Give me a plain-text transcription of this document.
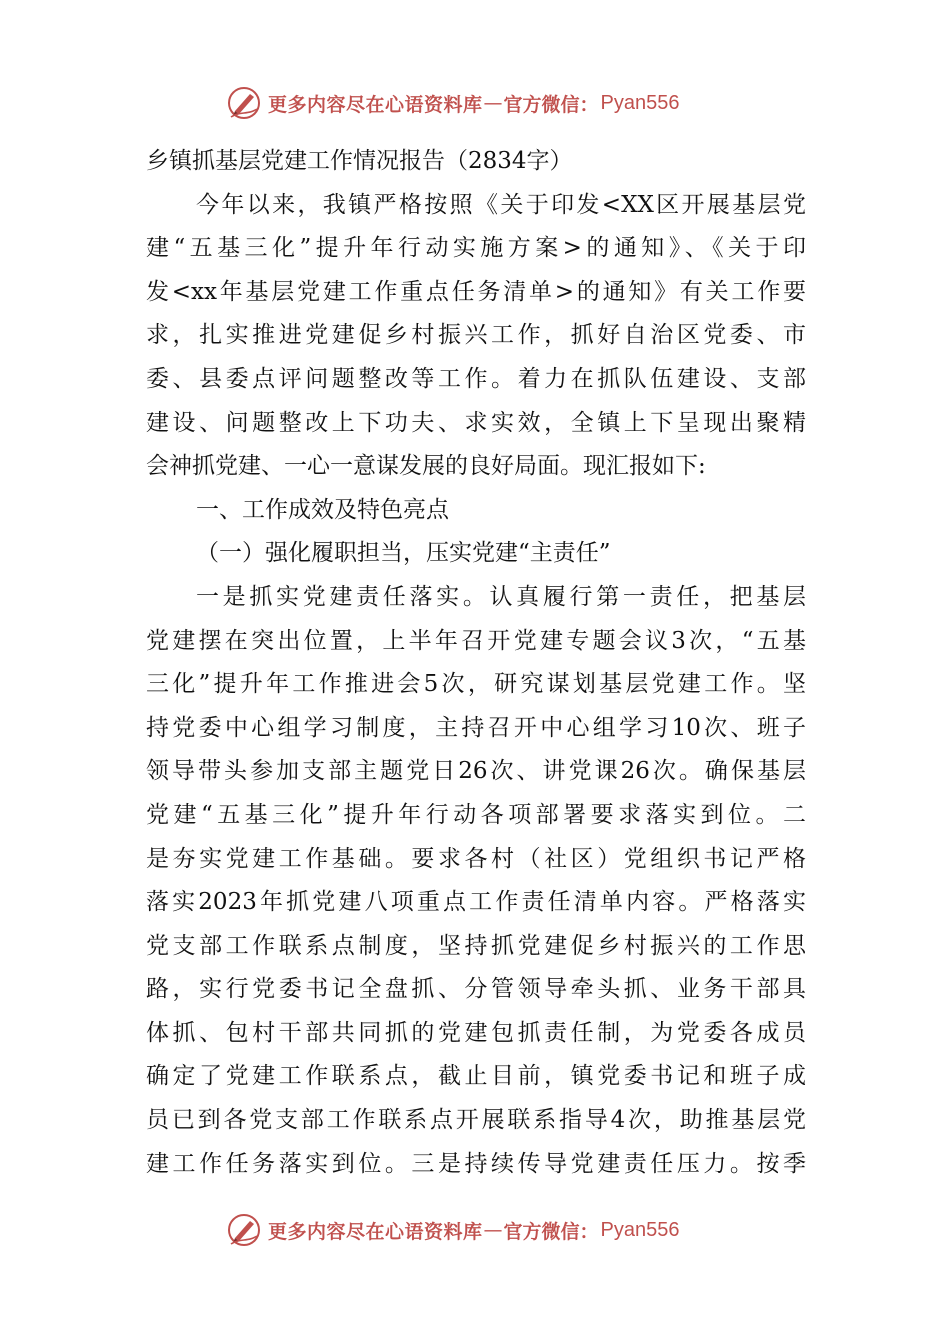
更多内容尽在心语资料库 — 官方微信： Pyan556
乡镇抓基层党建工作情况报告（2834字）
今年以来，我镇严格按照《关于印发<XX区开展基层党
建“五基三化”提升年行动实施方案>的通知》、《关于印
发<xx年基层党建工作重点任务清单>的通知》有关工作要
求，扎实推进党建促乡村振兴工作，抓好自治区党委、市
委、县委点评问题整改等工作。着力在抓队伍建设、支部
建设、问题整改上下功夫、求实效，全镇上下呈现出聚精
会神抓党建、一心一意谋发展的良好局面。现汇报如下:
一、工作成效及特色亮点
（一）强化履职担当，压实党建“主责任”
一是抓实党建责任落实。认真履行第一责任，把基层
党建摆在突出位置，上半年召开党建专题会议3次，“五基
三化”提升年工作推进会5次，研究谋划基层党建工作。坚
持党委中心组学习制度，主持召开中心组学习10次、班子
领导带头参加支部主题党日26次、讲党课26次。确保基层
党建“五基三化”提升年行动各项部署要求落实到位。二
是夯实党建工作基础。要求各村（社区）党组织书记严格
落实2023年抓党建八项重点工作责任清单内容。严格落实
党支部工作联系点制度，坚持抓党建促乡村振兴的工作思
路，实行党委书记全盘抓、分管领导牵头抓、业务干部具
体抓、包村干部共同抓的党建包抓责任制，为党委各成员
确定了党建工作联系点，截止目前，镇党委书记和班子成
员已到各党支部工作联系点开展联系指导4次，助推基层党
建工作任务落实到位。三是持续传导党建责任压力。按季
更多内容尽在心语资料库 — 官方微信： Pyan556
